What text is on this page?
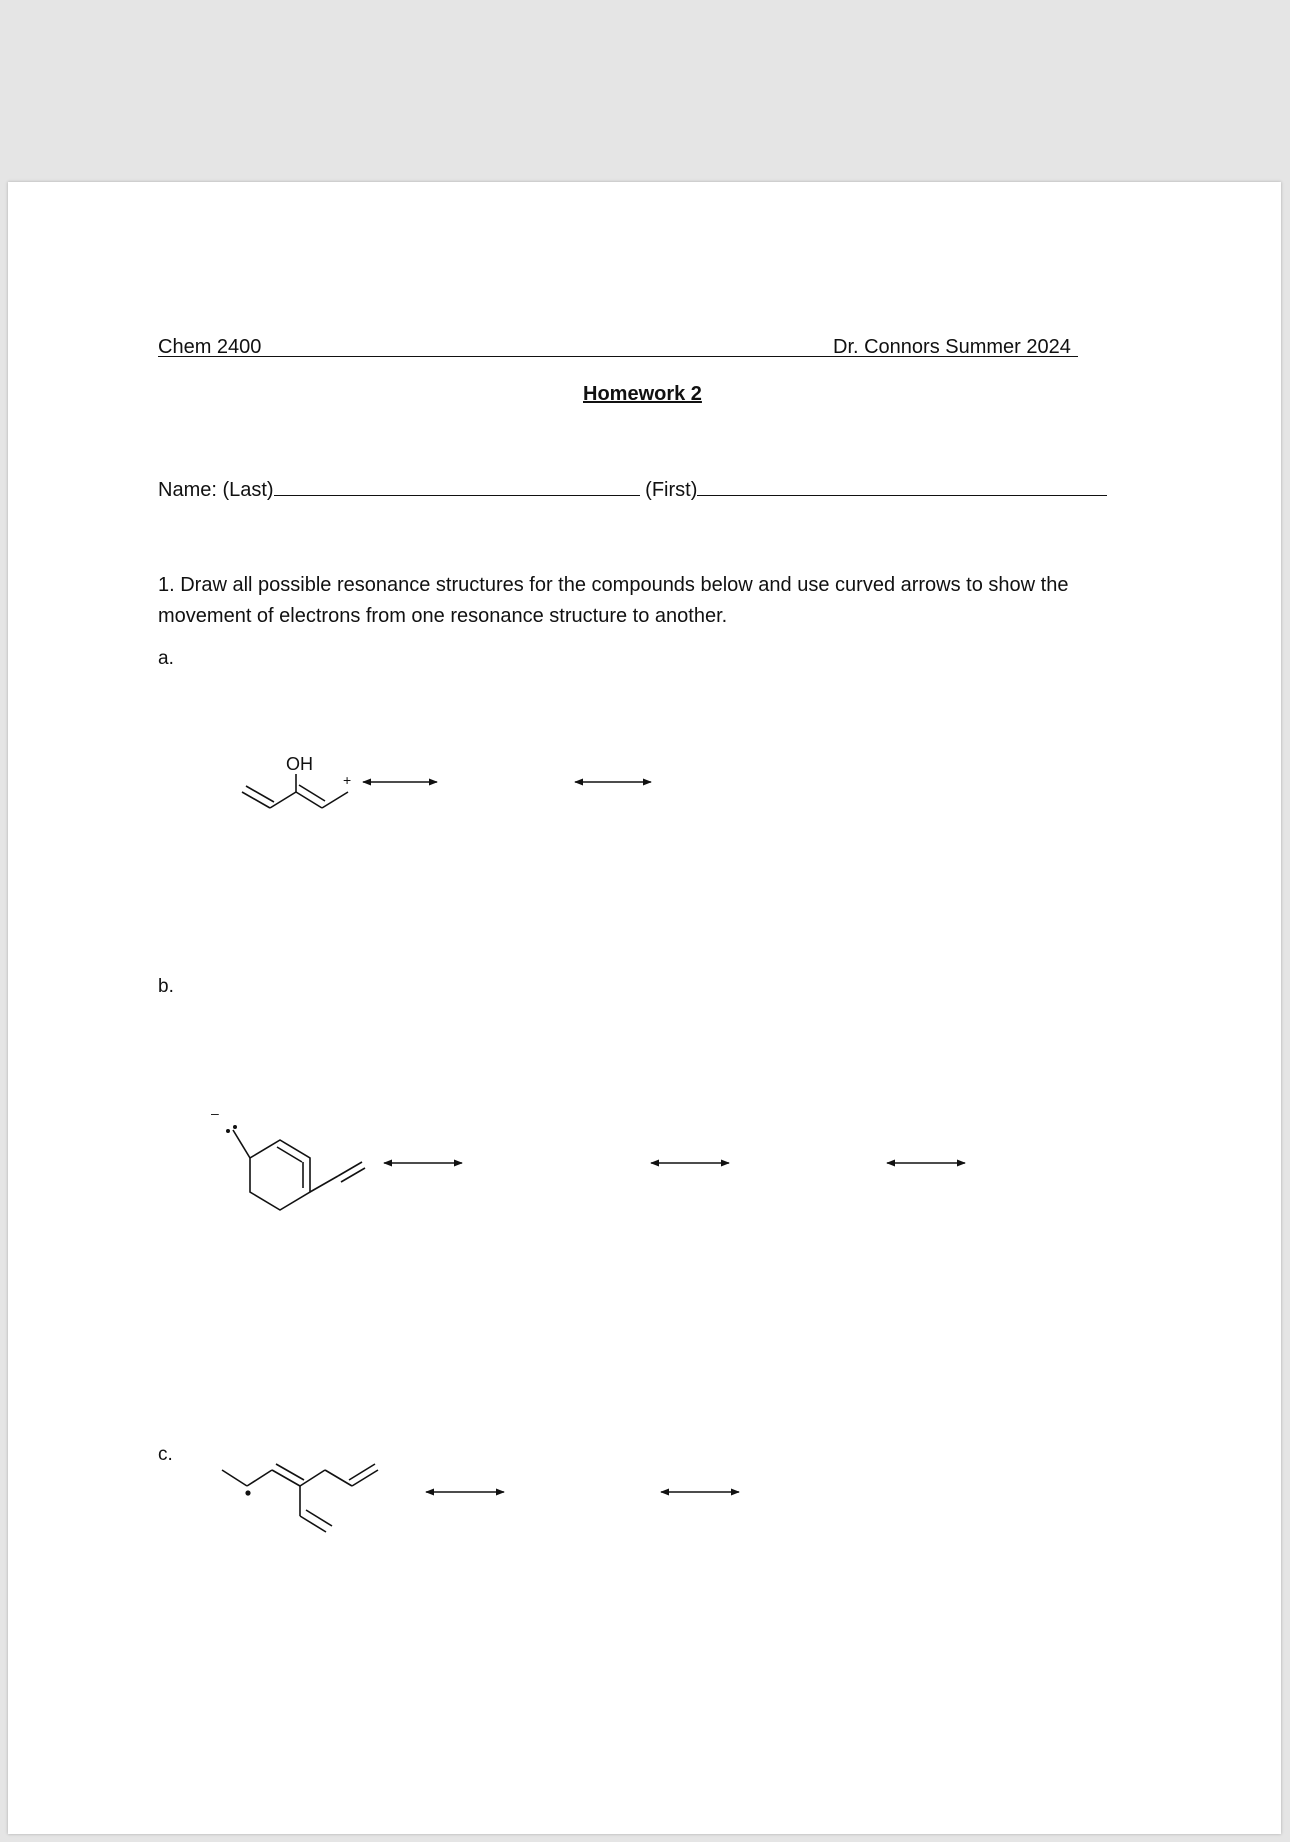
Chem 2400	Dr. Connors Summer 2024
Homework 2
Name: (Last)	(First)
1. Draw all possible resonance structures for the compounds below and use curved arrows to show the
movement of electrons from one resonance structure to another.
a.
b.
c.
OH
+
–
